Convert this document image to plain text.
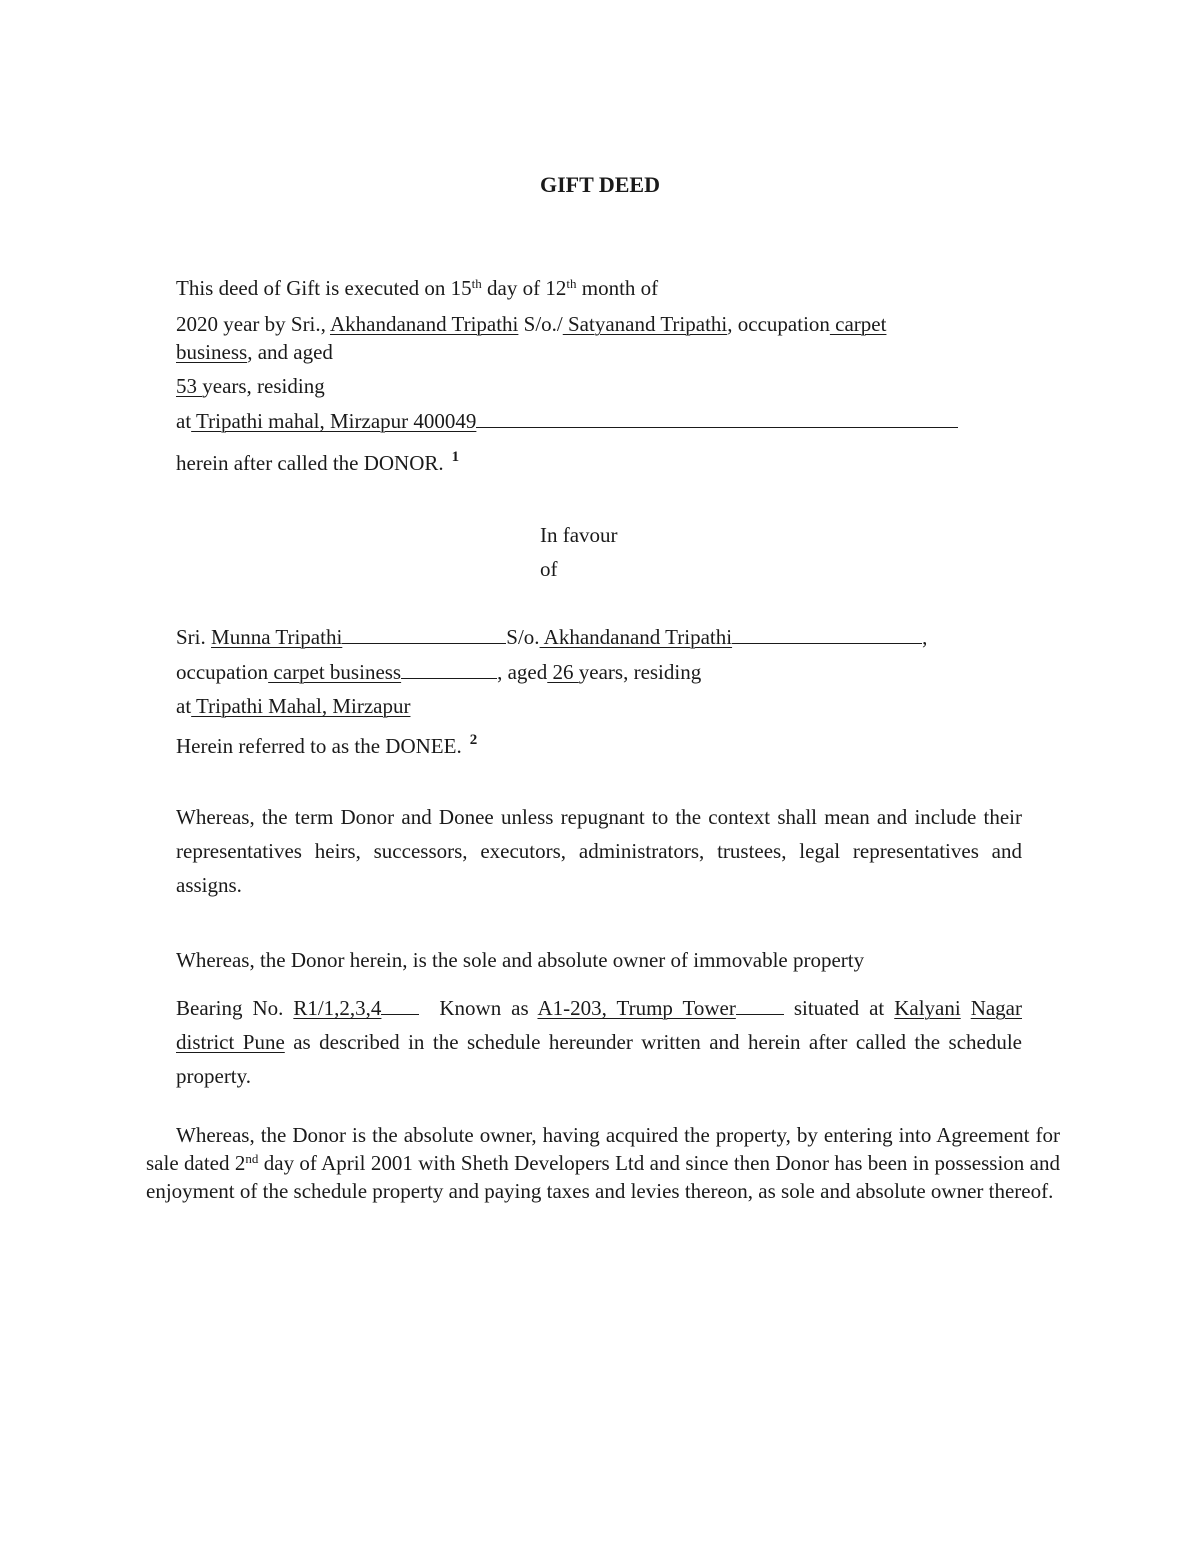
GIFT DEED
This deed of Gift is executed on 15th day of 12th month of
2020 year by Sri., Akhandanand Tripathi S/o./ Satyanand Tripathi, occupation carpet
business, and aged
53 years, residing
at Tripathi mahal, Mirzapur 400049
herein after called the DONOR. $^1$
In favour
of
Sri. Munna Tripathi	S/o. Akhandanand Tripathi	,
occupation carpet business	, aged 26 years, residing
at Tripathi Mahal, Mirzapur
Herein referred to as the DONEE. $^2$
Whereas, the term Donor and Donee unless repugnant to the context shall mean and include their representatives heirs, successors, executors, administrators, trustees, legal representatives and assigns.
Whereas, the Donor herein, is the sole and absolute owner of immovable property
Bearing No. R1/1,2,3,4	Known as A1-203, Trump Tower	situated at Kalyani Nagar district Pune as described in the schedule hereunder written and herein after called the schedule property.
Whereas, the Donor is the absolute owner, having acquired the property, by entering into Agreement for sale dated 2nd day of April 2001 with Sheth Developers Ltd and since then Donor has been in possession and enjoyment of the schedule property and paying taxes and levies thereon, as sole and absolute owner thereof.
